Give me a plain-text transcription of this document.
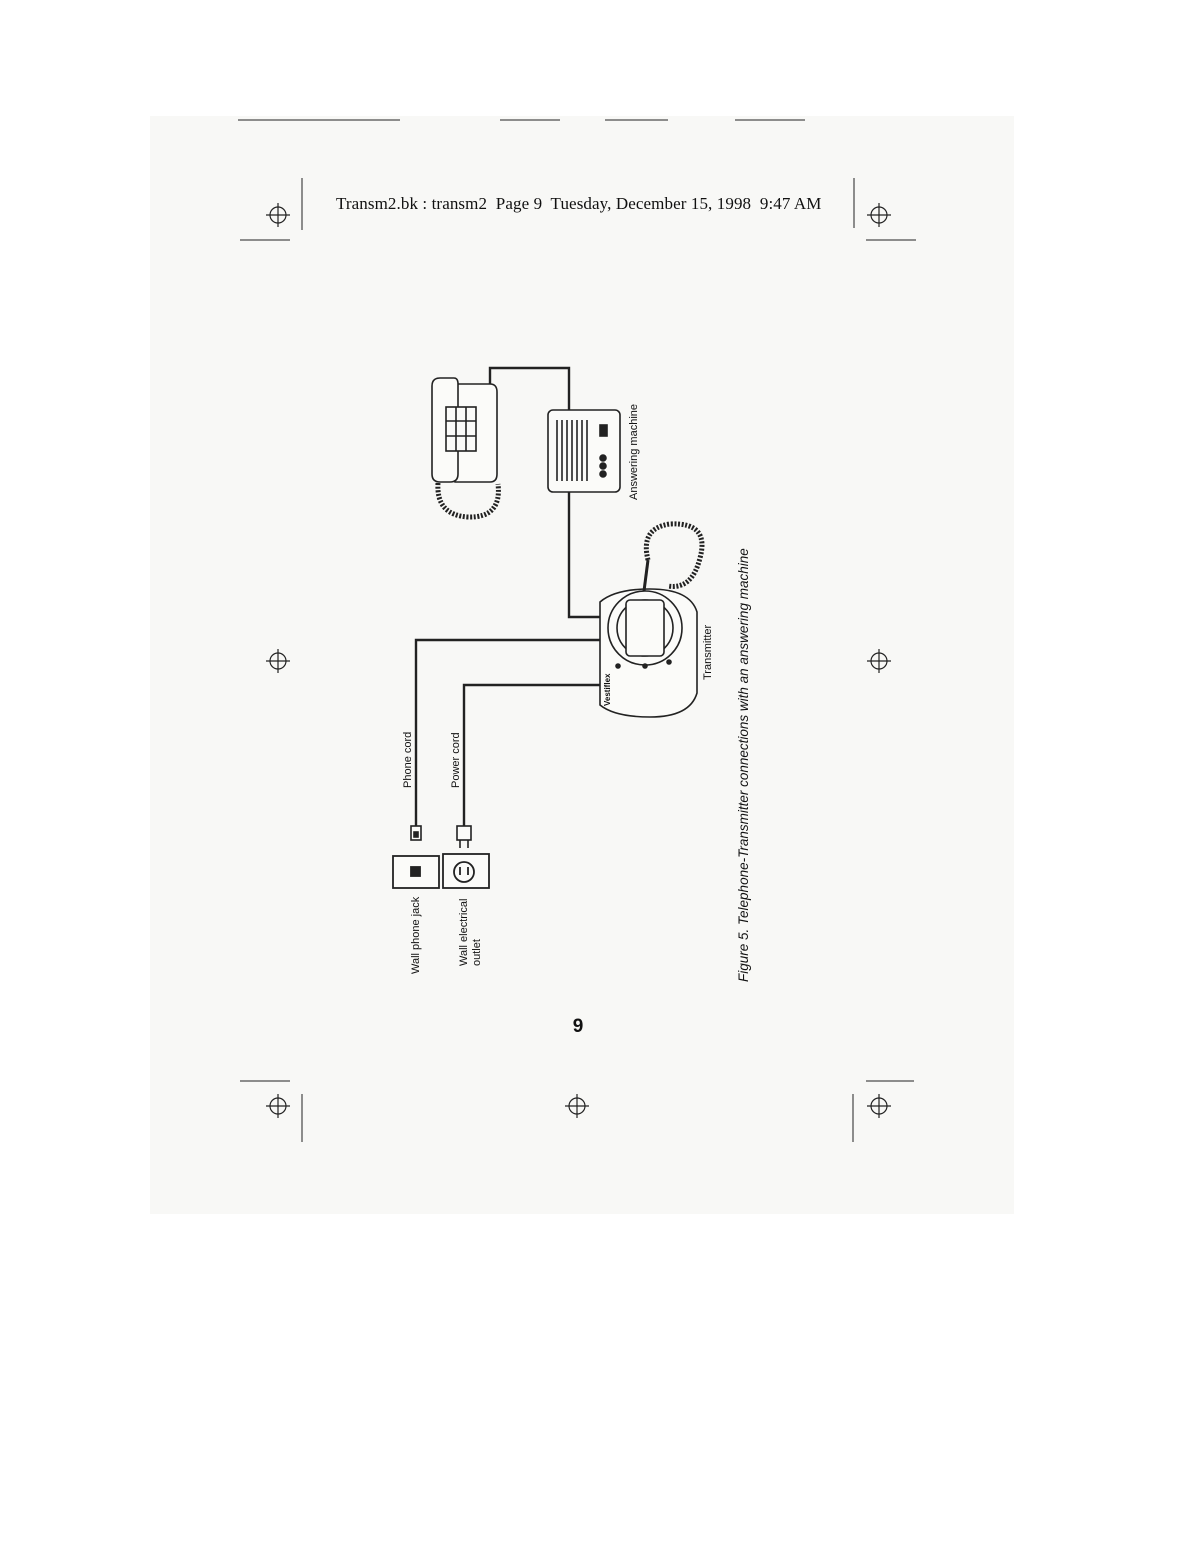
Transm2.bk : transm2  Page 9  Tuesday, December 15, 1998  9:47 AM
Answering machine
Transmitter
Phone cord	Power cord
Wall phone jack	Wall electrical outlet
Vestiflex	Figure 5. Telephone-Transmitter connections with an answering machine
9
